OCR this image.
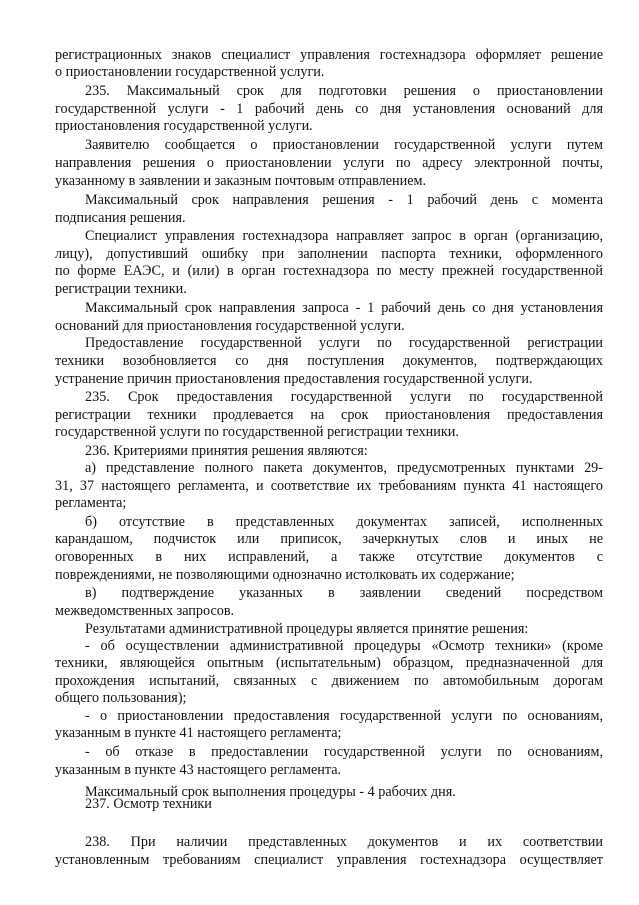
регистрационных знаков специалист управления гостехнадзора оформляет решение

о приостановлении государственной услуги.

235. Максимальный срок для подготовки решения о приостановлении

государственной услуги - 1 рабочий день со дня установления оснований для

приостановления государственной услуги.

Заявителю сообщается о приостановлении государственной услуги путем

направления решения о приостановлении услуги по адресу электронной почты,

указанному в заявлении и заказным почтовым отправлением.

Максимальный срок направления решения - 1 рабочий день с момента

подписания решения.

Специалист управления гостехнадзора направляет запрос в орган (организацию,

лицу), допустивший ошибку при заполнении паспорта техники, оформленного

по форме ЕАЭС, и (или) в орган гостехнадзора по месту прежней государственной

регистрации техники.

Максимальный срок направления запроса - 1 рабочий день со дня установления

оснований для приостановления государственной услуги.

Предоставление государственной услуги по государственной регистрации

техники возобновляется со дня поступления документов, подтверждающих

устранение причин приостановления предоставления государственной услуги.

235. Срок предоставления государственной услуги по государственной

регистрации техники продлевается на срок приостановления предоставления

государственной услуги по государственной регистрации техники.

236. Критериями принятия решения являются:

а) представление полного пакета документов, предусмотренных пунктами 29-

31, 37 настоящего регламента, и соответствие их требованиям пункта 41 настоящего

регламента;

б) отсутствие в представленных документах записей, исполненных

карандашом, подчисток или приписок, зачеркнутых слов и иных не

оговоренных в них исправлений, а также отсутствие документов с

повреждениями, не позволяющими однозначно истолковать их содержание;

в) подтверждение указанных в заявлении сведений посредством

межведомственных запросов.

Результатами административной процедуры является принятие решения:

- об осуществлении административной процедуры «Осмотр техники» (кроме

техники, являющейся опытным (испытательным) образцом, предназначенной для

прохождения испытаний, связанных с движением по автомобильным дорогам

общего пользования);

- о приостановлении предоставления государственной услуги по основаниям,

указанным в пункте 41 настоящего регламента;

- об отказе в предоставлении государственной услуги по основаниям,

указанным в пункте 43 настоящего регламента.

Максимальный срок выполнения процедуры - 4 рабочих дня.

237. Осмотр техники

238. При наличии представленных документов и их соответствии

установленным требованиям специалист управления гостехнадзора осуществляет
